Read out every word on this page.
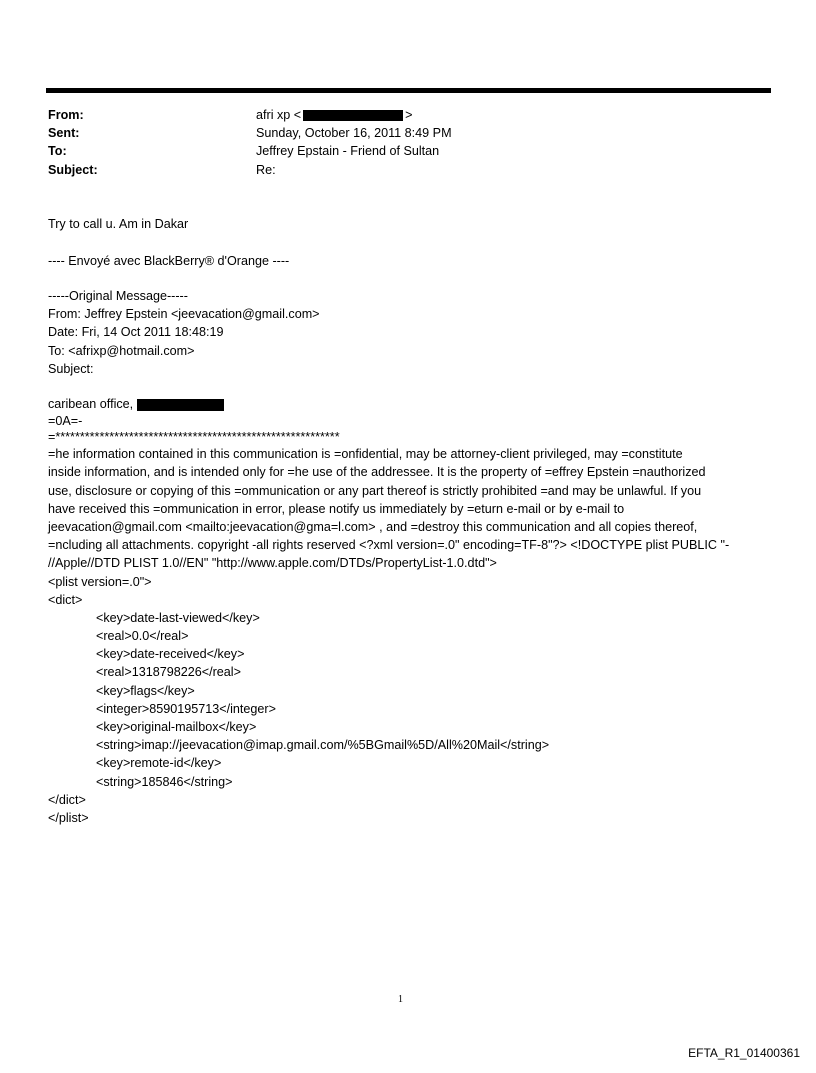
From:	afri xp <	>
Sent:	Sunday, October 16, 2011 8:49 PM
To:	Jeffrey Epstain - Friend of Sultan
Subject:	Re:
Try to call u. Am in Dakar
---- Envoyé avec BlackBerry® d'Orange ----
-----Original Message-----
From: Jeffrey Epstein <jeevacation@gmail.com>
Date: Fri, 14 Oct 2011 18:48:19
To: <afrixp@hotmail.com>
Subject:
caribean office,
=0A=-
=**********************************************************
=he information contained in this communication is =onfidential, may be attorney-client privileged, may =constitute
inside information, and is intended only for =he use of the addressee. It is the property of =effrey Epstein =nauthorized
use, disclosure or copying of this =ommunication or any part thereof is strictly prohibited =and may be unlawful. If you
have received this =ommunication in error, please notify us immediately by =eturn e-mail or by e-mail to
jeevacation@gmail.com <mailto:jeevacation@gma=l.com> , and =destroy this communication and all copies thereof,
=ncluding all attachments. copyright -all rights reserved <?xml version=.0" encoding=TF-8"?> <!DOCTYPE plist PUBLIC "-
//Apple//DTD PLIST 1.0//EN" "http://www.apple.com/DTDs/PropertyList-1.0.dtd">
<plist version=.0">
<dict>
<key>date-last-viewed</key>
<real>0.0</real>
<key>date-received</key>
<real>1318798226</real>
<key>flags</key>
<integer>8590195713</integer>
<key>original-mailbox</key>
<string>imap://jeevacation@imap.gmail.com/%5BGmail%5D/All%20Mail</string>
<key>remote-id</key>
<string>185846</string>
</dict>
</plist>
1
EFTA_R1_01400361
